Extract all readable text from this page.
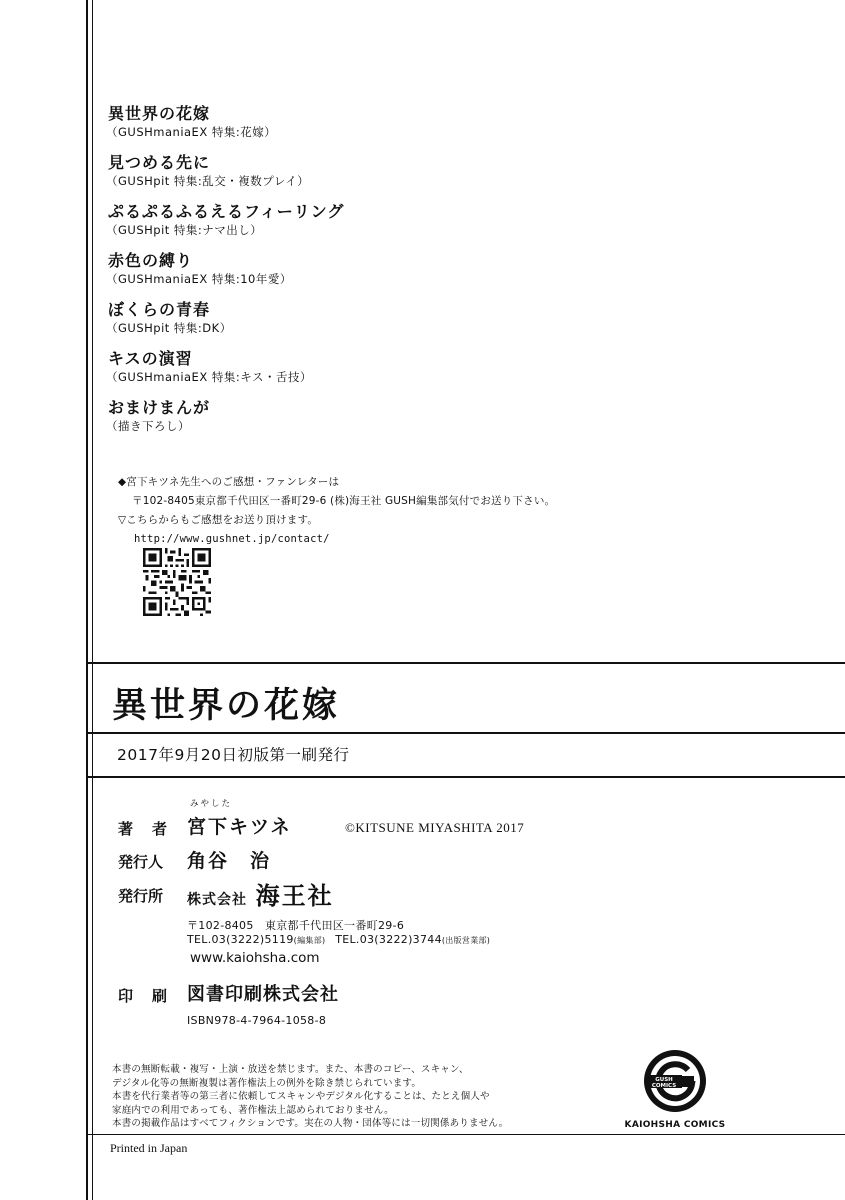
異世界の花嫁
（GUSHmaniaEX 特集:花嫁）
見つめる先に
（GUSHpit 特集:乱交・複数プレイ）
ぷるぷるふるえるフィーリング
（GUSHpit 特集:ナマ出し）
赤色の縛り
（GUSHmaniaEX 特集:10年愛）
ぼくらの青春
（GUSHpit 特集:DK）
キスの演習
（GUSHmaniaEX 特集:キス・舌技）
おまけまんが
（描き下ろし）
◆宮下キツネ先生へのご感想・ファンレターは
〒102-8405東京都千代田区一番町29-6 (株)海王社 GUSH編集部気付でお送り下さい。
▽こちらからもご感想をお送り頂けます。
http://www.gushnet.jp/contact/
異世界の花嫁
2017年9月20日初版第一刷発行
著　者
みやした
宮下キツネ	©KITSUNE MIYASHITA 2017
発行人 角谷　治
発行所 株式会社 海王社
〒102-8405　東京都千代田区一番町29-6
TEL.03(3222)5119(編集部) TEL.03(3222)3744(出版営業部)
www.kaiohsha.com
印　刷 図書印刷株式会社
ISBN978-4-7964-1058-8
本書の無断転載・複写・上演・放送を禁じます。また、本書のコピー、スキャン、
デジタル化等の無断複製は著作権法上の例外を除き禁じられています。
本書を代行業者等の第三者に依頼してスキャンやデジタル化することは、たとえ個人や
家庭内での利用であっても、著作権法上認められておりません。
本書の掲載作品はすべてフィクションです。実在の人物・団体等には一切関係ありません。
GUSH
COMICS
KAIOHSHA COMICS
Printed in Japan
